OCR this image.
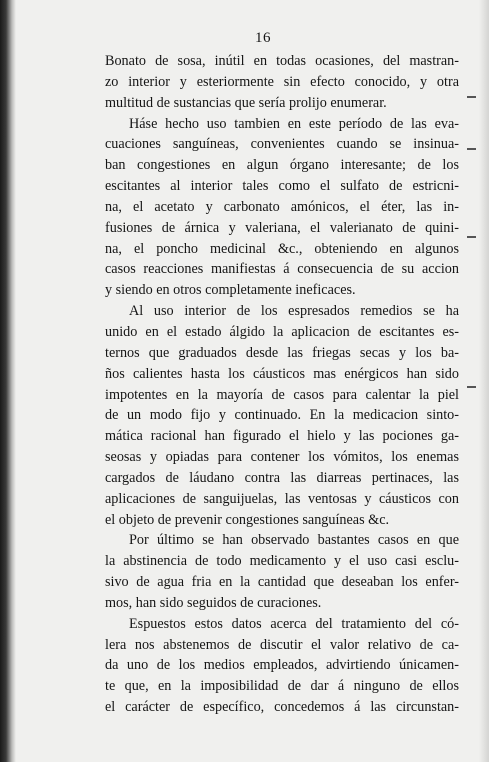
16
Bonato de sosa, inútil en todas ocasiones, del mastran-
zo interior y esteriormente sin efecto conocido, y otra
multitud de sustancias que sería prolijo enumerar.
Háse hecho uso tambien en este período de las eva-
cuaciones sanguíneas, convenientes cuando se insinua-
ban congestiones en algun órgano interesante; de los
escitantes al interior tales como el sulfato de estricni-
na, el acetato y carbonato amónicos, el éter, las in-
fusiones de árnica y valeriana, el valerianato de quini-
na, el poncho medicinal &c., obteniendo en algunos
casos reacciones manifiestas á consecuencia de su accion
y siendo en otros completamente ineficaces.
Al uso interior de los espresados remedios se ha
unido en el estado álgido la aplicacion de escitantes es-
ternos que graduados desde las friegas secas y los ba-
ños calientes hasta los cáusticos mas enérgicos han sido
impotentes en la mayoría de casos para calentar la piel
de un modo fijo y continuado. En la medicacion sinto-
mática racional han figurado el hielo y las pociones ga-
seosas y opiadas para contener los vómitos, los enemas
cargados de láudano contra las diarreas pertinaces, las
aplicaciones de sanguijuelas, las ventosas y cáusticos con
el objeto de prevenir congestiones sanguíneas &c.
Por último se han observado bastantes casos en que
la abstinencia de todo medicamento y el uso casi esclu-
sivo de agua fria en la cantidad que deseaban los enfer-
mos, han sido seguidos de curaciones.
Espuestos estos datos acerca del tratamiento del có-
lera nos abstenemos de discutir el valor relativo de ca-
da uno de los medios empleados, advirtiendo únicamen-
te que, en la imposibilidad de dar á ninguno de ellos
el carácter de específico, concedemos á las circunstan-
